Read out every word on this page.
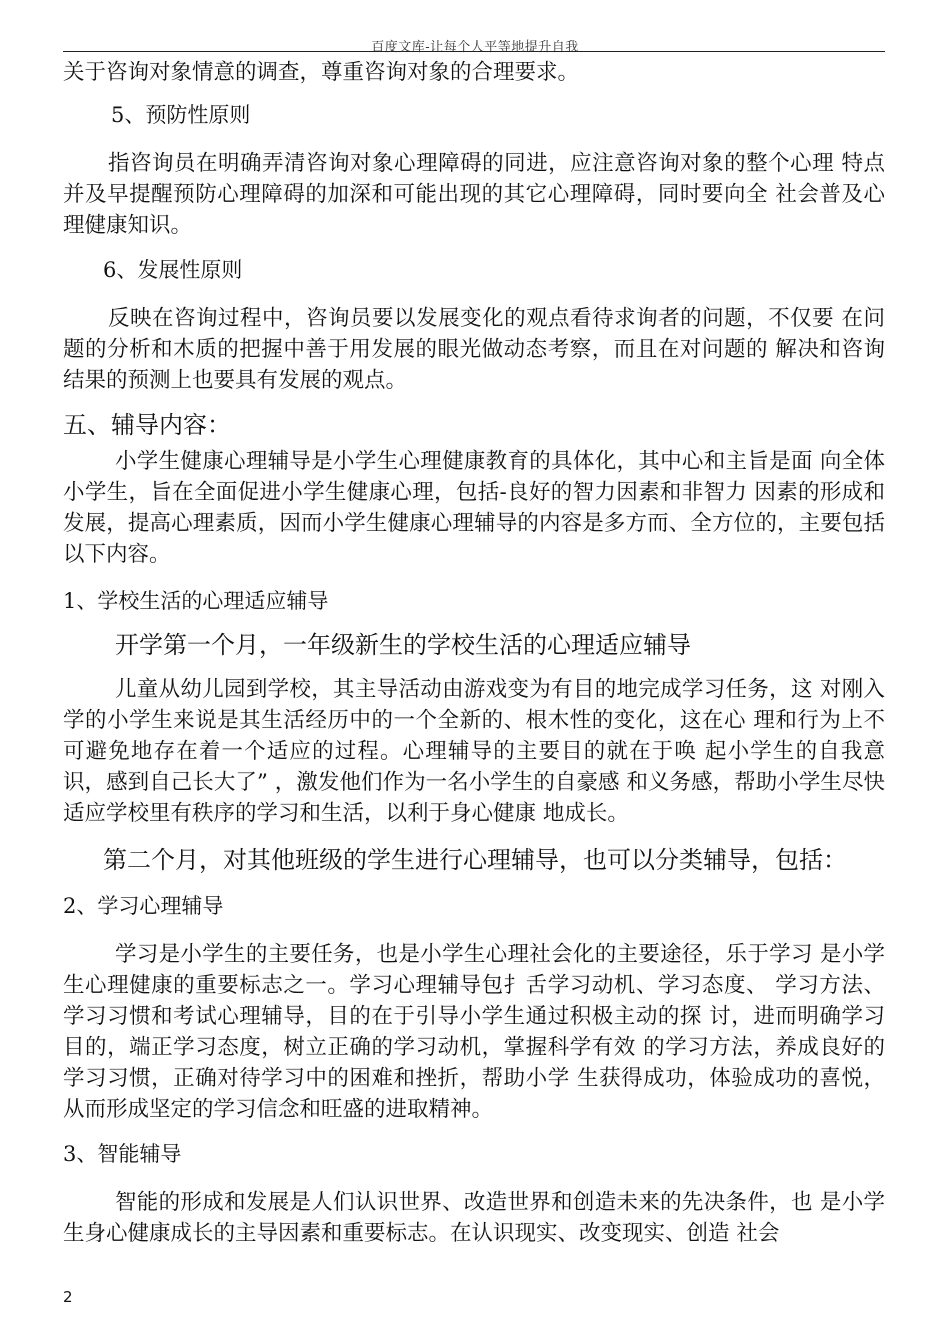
百度文库-让每个人平等地提升自我

关于咨询对象情意的调查，尊重咨询对象的合理要求。

5、预防性原则

指咨询员在明确弄清咨询对象心理障碍的同进，应注意咨询对象的整个心理 特点并及早提醒预防心理障碍的加深和可能出现的其它心理障碍，同时要向全 社会普及心理健康知识。

6、发展性原则

反映在咨询过程中，咨询员要以发展变化的观点看待求询者的问题，不仅要 在问题的分析和木质的把握中善于用发展的眼光做动态考察，而且在对问题的 解决和咨询结果的预测上也要具有发展的观点。

五、辅导内容：

小学生健康心理辅导是小学生心理健康教育的具体化，其中心和主旨是面 向全体小学生，旨在全面促进小学生健康心理，包括-良好的智力因素和非智力 因素的形成和发展，提高心理素质，因而小学生健康心理辅导的内容是多方而、全方位的，主要包括以下内容。

1、学校生活的心理适应辅导

开学第一个月，一年级新生的学校生活的心理适应辅导

儿童从幼儿园到学校，其主导活动由游戏变为有目的地完成学习任务，这 对刚入学的小学生来说是其生活经历中的一个全新的、根木性的变化，这在心 理和行为上不可避免地存在着一个适应的过程。心理辅导的主要目的就在于唤 起小学生的自我意识，感到自己长大了” ，激发他们作为一名小学生的自豪感 和义务感，帮助小学生尽快适应学校里有秩序的学习和生活，以利于身心健康 地成长。

第二个月，对其他班级的学生进行心理辅导，也可以分类辅导，包括：

2、学习心理辅导

学习是小学生的主要任务，也是小学生心理社会化的主要途径，乐于学习 是小学生心理健康的重要标志之一。学习心理辅导包扌舌学习动机、学习态度、 学习方法、学习习惯和考试心理辅导，目的在于引导小学生通过积极主动的探 讨，进而明确学习目的，端正学习态度，树立正确的学习动机，掌握科学有效 的学习方法，养成良好的学习习惯，正确对待学习中的困难和挫折，帮助小学 生获得成功，体验成功的喜悦，从而形成坚定的学习信念和旺盛的进取精神。

3、智能辅导

智能的形成和发展是人们认识世界、改造世界和创造未来的先决条件，也 是小学生身心健康成长的主导因素和重要标志。在认识现实、改变现实、创造 社会

2
